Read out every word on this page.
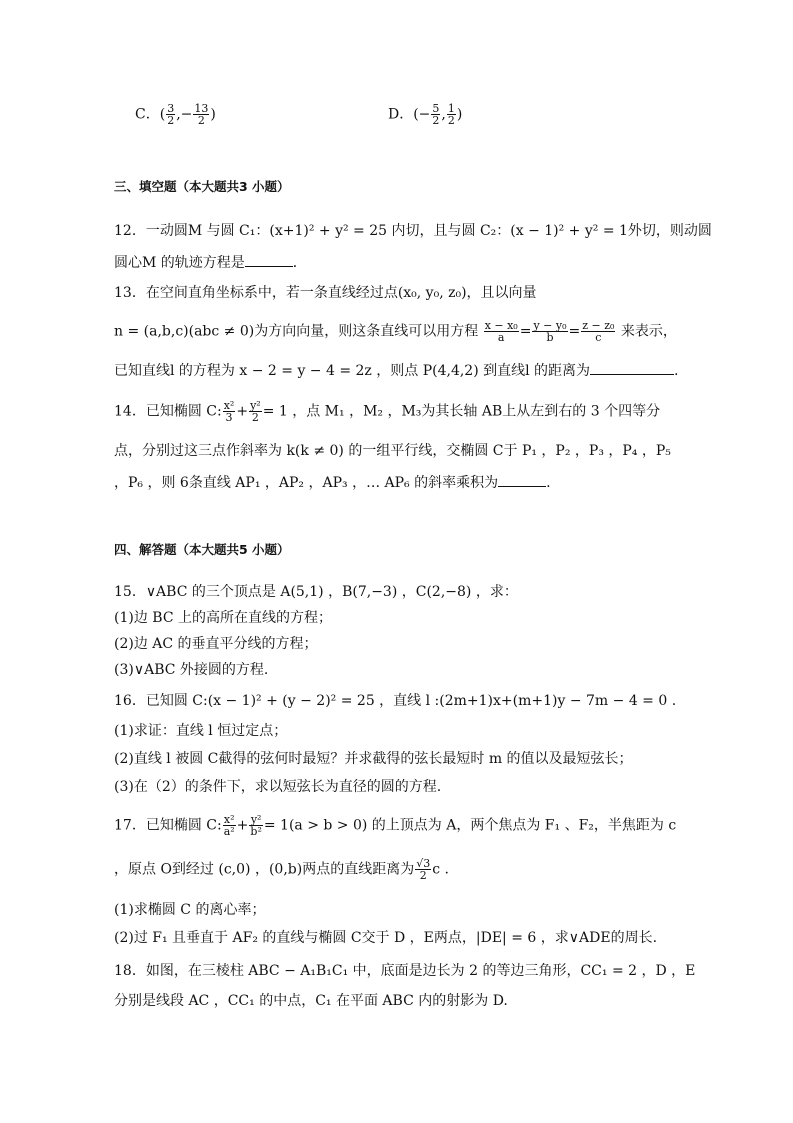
C．( $\frac{3}{2}$ ,− $\frac{13}{2}$ )	D．(− $\frac{5}{2}$ , $\frac{1}{2}$ )
三、填空题（本大题共3 小题）
12．一动圆M 与圆 C₁：(x+1)² + y² = 25 内切，且与圆 C₂：(x − 1)² + y² = 1外切，则动圆
圆心M 的轨迹方程是	．
13．在空间直角坐标系中，若一条直线经过点(x₀, y₀, z₀)，且以向量
n = (a,b,c)(abc ≠ 0)为方向向量，则这条直线可以用方程 $\frac{\text{x − x₀}}{a} = \frac{\text{y − y₀}}{b} = \frac{\text{z − z₀}}{c}$ 来表示，
已知直线l 的方程为 x − 2 = y − 4 = 2z ，则点 P(4,4,2) 到直线l 的距离为	.
14．已知椭圆 C: $\frac{\text{x²}}{3} + \frac{\text{y²}}{2} = 1$ ，点 M₁ ，M₂ ，M₃为其长轴 AB上从左到右的 3 个四等分
点，分别过这三点作斜率为 k(k ≠ 0) 的一组平行线，交椭圆 C于 P₁ ，P₂ ，P₃ ，P₄ ，P₅
，P₆ ，则 6条直线 AP₁ ，AP₂ ，AP₃ ，… AP₆ 的斜率乘积为	.
四、解答题（本大题共5 小题）
15．∨ABC 的三个顶点是 A(5,1) ，B(7,−3) ，C(2,−8) ，求：
(1)边 BC 上的高所在直线的方程；
(2)边 AC 的垂直平分线的方程；
(3)∨ABC 外接圆的方程.
16．已知圆 C:(x − 1)² + (y − 2)² = 25 ，直线 l :(2m+1)x+(m+1)y − 7m − 4 = 0 .
(1)求证：直线 l 恒过定点；
(2)直线 l 被圆 C截得的弦何时最短？并求截得的弦长最短时 m 的值以及最短弦长；
(3)在（2）的条件下，求以短弦长为直径的圆的方程.
17．已知椭圆 C: $\frac{\text{x²}}{\text{a²}} + \frac{\text{y²}}{\text{b²}} = 1(a > b > 0)$ 的上顶点为 A，两个焦点为 F₁ 、F₂，半焦距为 c
，原点 O到经过 (c,0) ，(0,b)两点的直线距离为 $\frac{√3}{2}$ c .
(1)求椭圆 C 的离心率；
(2)过 F₁ 且垂直于 AF₂ 的直线与椭圆 C交于 D ，E两点，|DE| = 6 ，求∨ADE的周长.
18．如图，在三棱柱 ABC − A₁B₁C₁ 中，底面是边长为 2 的等边三角形，CC₁ = 2 ，D ，E
分别是线段 AC ，CC₁ 的中点，C₁ 在平面 ABC 内的射影为 D.
